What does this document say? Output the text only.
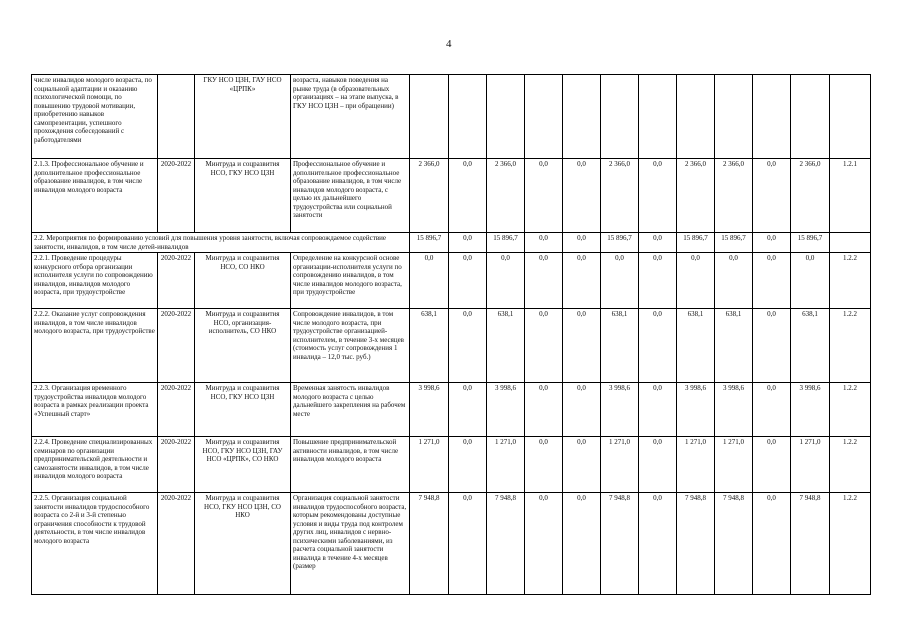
4
числе инвалидов молодого возраста, по социальной адаптации и оказанию психологической помощи, по повышению трудовой мотивации, приобретению навыков самопрезентации, успешного прохождения собеседований с работодателями		ГКУ НСО ЦЗН, ГАУ НСО «ЦРПК»	возраста, навыков поведения на рынке труда (в образовательных организациях – на этапе выпуска, в ГКУ НСО ЦЗН – при обращении)												
2.1.3. Профессиональное обучение и дополнительное профессиональное образование инвалидов, в том числе инвалидов молодого возраста	2020-2022	Минтруда и соцразвития НСО, ГКУ НСО ЦЗН	Профессиональное обучение и дополнительное профессиональное образование инвалидов, в том числе инвалидов молодого возраста, с целью их дальнейшего трудоустройства или социальной занятости	2 366,0	0,0	2 366,0	0,0	0,0	2 366,0	0,0	2 366,0	2 366,0	0,0	2 366,0	1.2.1
2.2. Мероприятия по формированию условий для повышения уровня занятости, включая сопровождаемое содействие занятости, инвалидов, в том числе детей-инвалидов				15 896,7	0,0	15 896,7	0,0	0,0	15 896,7	0,0	15 896,7	15 896,7	0,0	15 896,7	
2.2.1. Проведение процедуры конкурсного отбора организации исполнителя услуги по сопровождению инвалидов, инвалидов молодого возраста, при трудоустройстве	2020-2022	Минтруда и соцразвития НСО, СО НКО	Определение на конкурсной основе организации-исполнителя услуги по сопровождению инвалидов, в том числе инвалидов молодого возраста, при трудоустройстве	0,0	0,0	0,0	0,0	0,0	0,0	0,0	0,0	0,0	0,0	0,0	1.2.2
2.2.2. Оказание услуг сопровождения инвалидов, в том числе инвалидов молодого возраста, при трудоустройстве	2020-2022	Минтруда и соцразвития НСО, организация-исполнитель, СО НКО	Сопровождение инвалидов, в том числе молодого возраста, при трудоустройстве организацией-исполнителем, в течение 3-х месяцев (стоимость услуг сопровождения 1 инвалида – 12,0 тыс. руб.)	638,1	0,0	638,1	0,0	0,0	638,1	0,0	638,1	638,1	0,0	638,1	1.2.2
2.2.3. Организация временного трудоустройства инвалидов молодого возраста в рамках реализации проекта «Успешный старт»	2020-2022	Минтруда и соцразвития НСО, ГКУ НСО ЦЗН	Временная занятость инвалидов молодого возраста с целью дальнейшего закрепления на рабочем месте	3 998,6	0,0	3 998,6	0,0	0,0	3 998,6	0,0	3 998,6	3 998,6	0,0	3 998,6	1.2.2
2.2.4. Проведение специализированных семинаров по организации предпринимательской деятельности и самозанятости инвалидов, в том числе инвалидов молодого возраста	2020-2022	Минтруда и соцразвития НСО, ГКУ НСО ЦЗН, ГАУ НСО «ЦРПК», СО НКО	Повышение предпринимательской активности инвалидов, в том числе инвалидов молодого возраста	1 271,0	0,0	1 271,0	0,0	0,0	1 271,0	0,0	1 271,0	1 271,0	0,0	1 271,0	1.2.2
2.2.5. Организация социальной занятости инвалидов трудоспособного возраста со 2-й и 3-й степенью ограничения способности к трудовой деятельности, в том числе инвалидов молодого возраста	2020-2022	Минтруда и соцразвития НСО, ГКУ НСО ЦЗН, СО НКО	Организация социальной занятости инвалидов трудоспособного возраста, которым рекомендованы доступные условия и виды труда под контролем других лиц, инвалидов с нервно-психическими заболеваниями, из расчета социальной занятости инвалида в течение 4-х месяцев (размер	7 948,8	0,0	7 948,8	0,0	0,0	7 948,8	0,0	7 948,8	7 948,8	0,0	7 948,8	1.2.2
